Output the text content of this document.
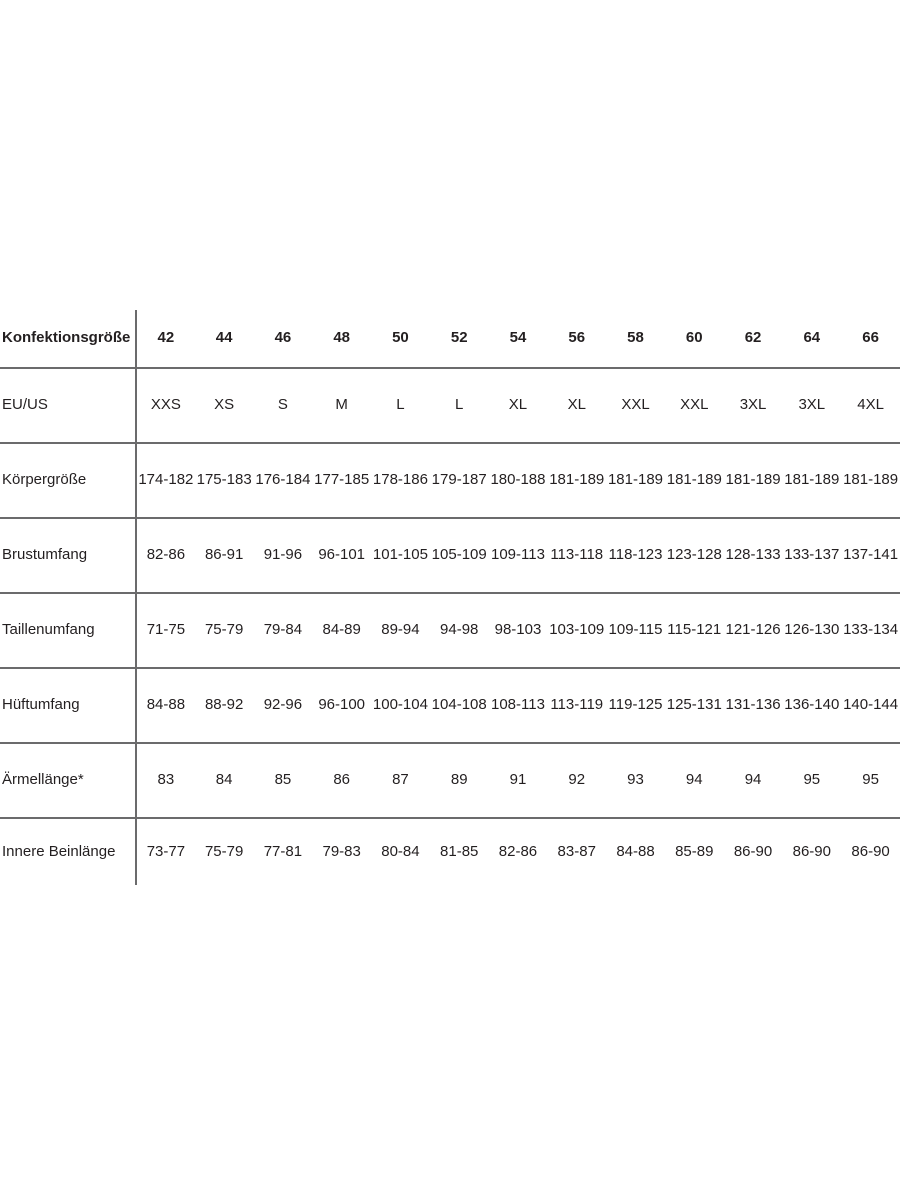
Konfektionsgröße	42	44	46	48	50	52	54	56	58	60	62	64	66
EU/US	XXS	XS	S	M	L	L	XL	XL	XXL	XXL	3XL	3XL	4XL
Körpergröße	174-182	175-183	176-184	177-185	178-186	179-187	180-188	181-189	181-189	181-189	181-189	181-189	181-189
Brustumfang	82-86	86-91	91-96	96-101	101-105	105-109	109-113	113-118	118-123	123-128	128-133	133-137	137-141
Taillenumfang	71-75	75-79	79-84	84-89	89-94	94-98	98-103	103-109	109-115	115-121	121-126	126-130	133-134
Hüftumfang	84-88	88-92	92-96	96-100	100-104	104-108	108-113	113-119	119-125	125-131	131-136	136-140	140-144
Ärmellänge*	83	84	85	86	87	89	91	92	93	94	94	95	95
Innere Beinlänge	73-77	75-79	77-81	79-83	80-84	81-85	82-86	83-87	84-88	85-89	86-90	86-90	86-90
